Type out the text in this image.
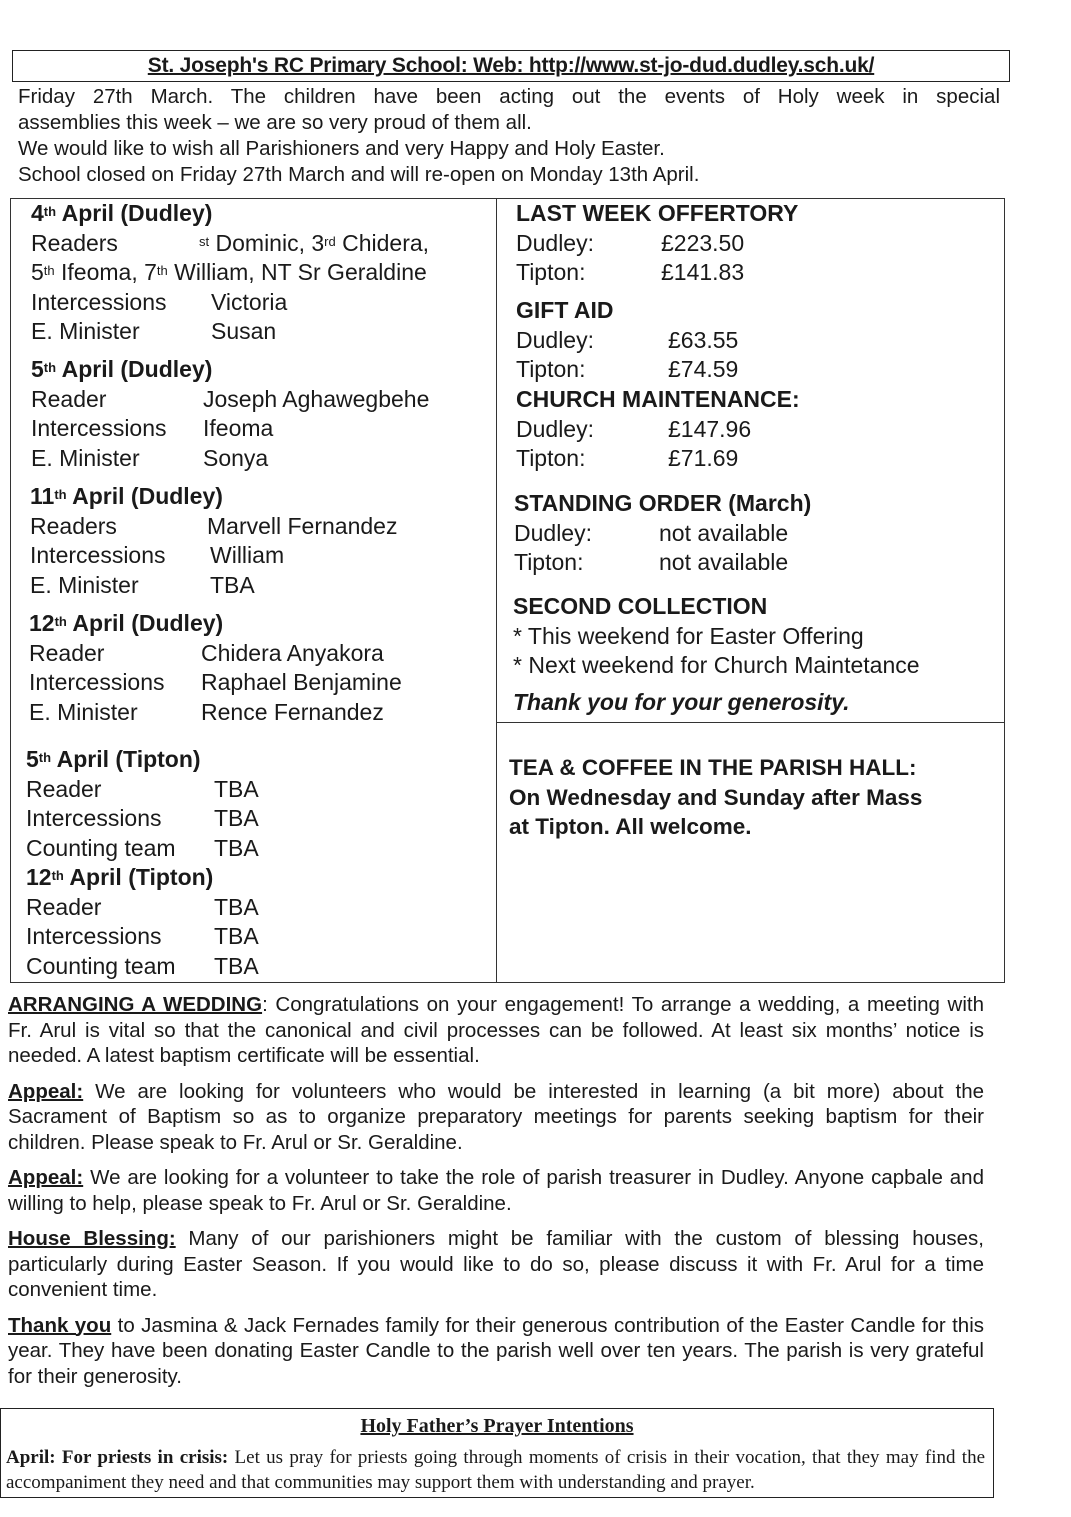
St. Joseph's RC Primary School: Web: http://www.st-jo-dud.dudley.sch.uk/

Friday 27th March. The children have been acting out the events of Holy week in special

assemblies this week – we are so very proud of them all.

We would like to wish all Parishioners and very Happy and Holy Easter.

School closed on Friday 27th March and will re-open on Monday 13th April.

4th April (Dudley)
Readers	$^{st}$ Dominic, 3rd Chidera,
5th Ifeoma, 7th William, NT Sr Geraldine
Intercessions	Victoria
E. Minister	Susan
5th April (Dudley)
Reader	Joseph Aghawegbehe
Intercessions	Ifeoma
E. Minister	Sonya
11th April (Dudley)
Readers	Marvell Fernandez
Intercessions	William
E. Minister	TBA
12th April (Dudley)
Reader	Chidera Anyakora
Intercessions	Raphael Benjamine
E. Minister	Rence Fernandez
5th April (Tipton)
Reader	TBA
Intercessions	TBA
Counting team	TBA
12th April (Tipton)
Reader	TBA
Intercessions	TBA
Counting team	TBA
LAST WEEK OFFERTORY
Dudley:	£223.50
Tipton:	£141.83
GIFT AID
Dudley:	£63.55
Tipton:	£74.59
CHURCH MAINTENANCE:
Dudley:	£147.96
Tipton:	£71.69
STANDING ORDER (March)
Dudley:	not available
Tipton:	not available
SECOND COLLECTION
* This weekend for Easter Offering
* Next weekend for Church Maintetance
Thank you for your generosity.
TEA & COFFEE IN THE PARISH HALL:
On Wednesday and Sunday after Mass
at Tipton. All welcome.

ARRANGING A WEDDING: Congratulations on your engagement! To arrange a wedding, a meeting with Fr. Arul is vital so that the canonical and civil processes can be followed. At least six months’ notice is needed. A latest baptism certificate will be essential.

Appeal: We are looking for volunteers who would be interested in learning (a bit more) about the Sacrament of Baptism so as to organize preparatory meetings for parents seeking baptism for their children. Please speak to Fr. Arul or Sr. Geraldine.

Appeal: We are looking for a volunteer to take the role of parish treasurer in Dudley. Anyone capbale and willing to help, please speak to Fr. Arul or Sr. Geraldine.

House Blessing: Many of our parishioners might be familiar with the custom of blessing houses, particularly during Easter Season. If you would like to do so, please discuss it with Fr. Arul for a time convenient time.

Thank you to Jasmina & Jack Fernades family for their generous contribution of the Easter Candle for this year. They have been donating Easter Candle to the parish well over ten years. The parish is very grateful for their generosity.

Holy Father’s Prayer Intentions
April: For priests in crisis: Let us pray for priests going through moments of crisis in their vocation, that they may find the accompaniment they need and that communities may support them with understanding and prayer.
